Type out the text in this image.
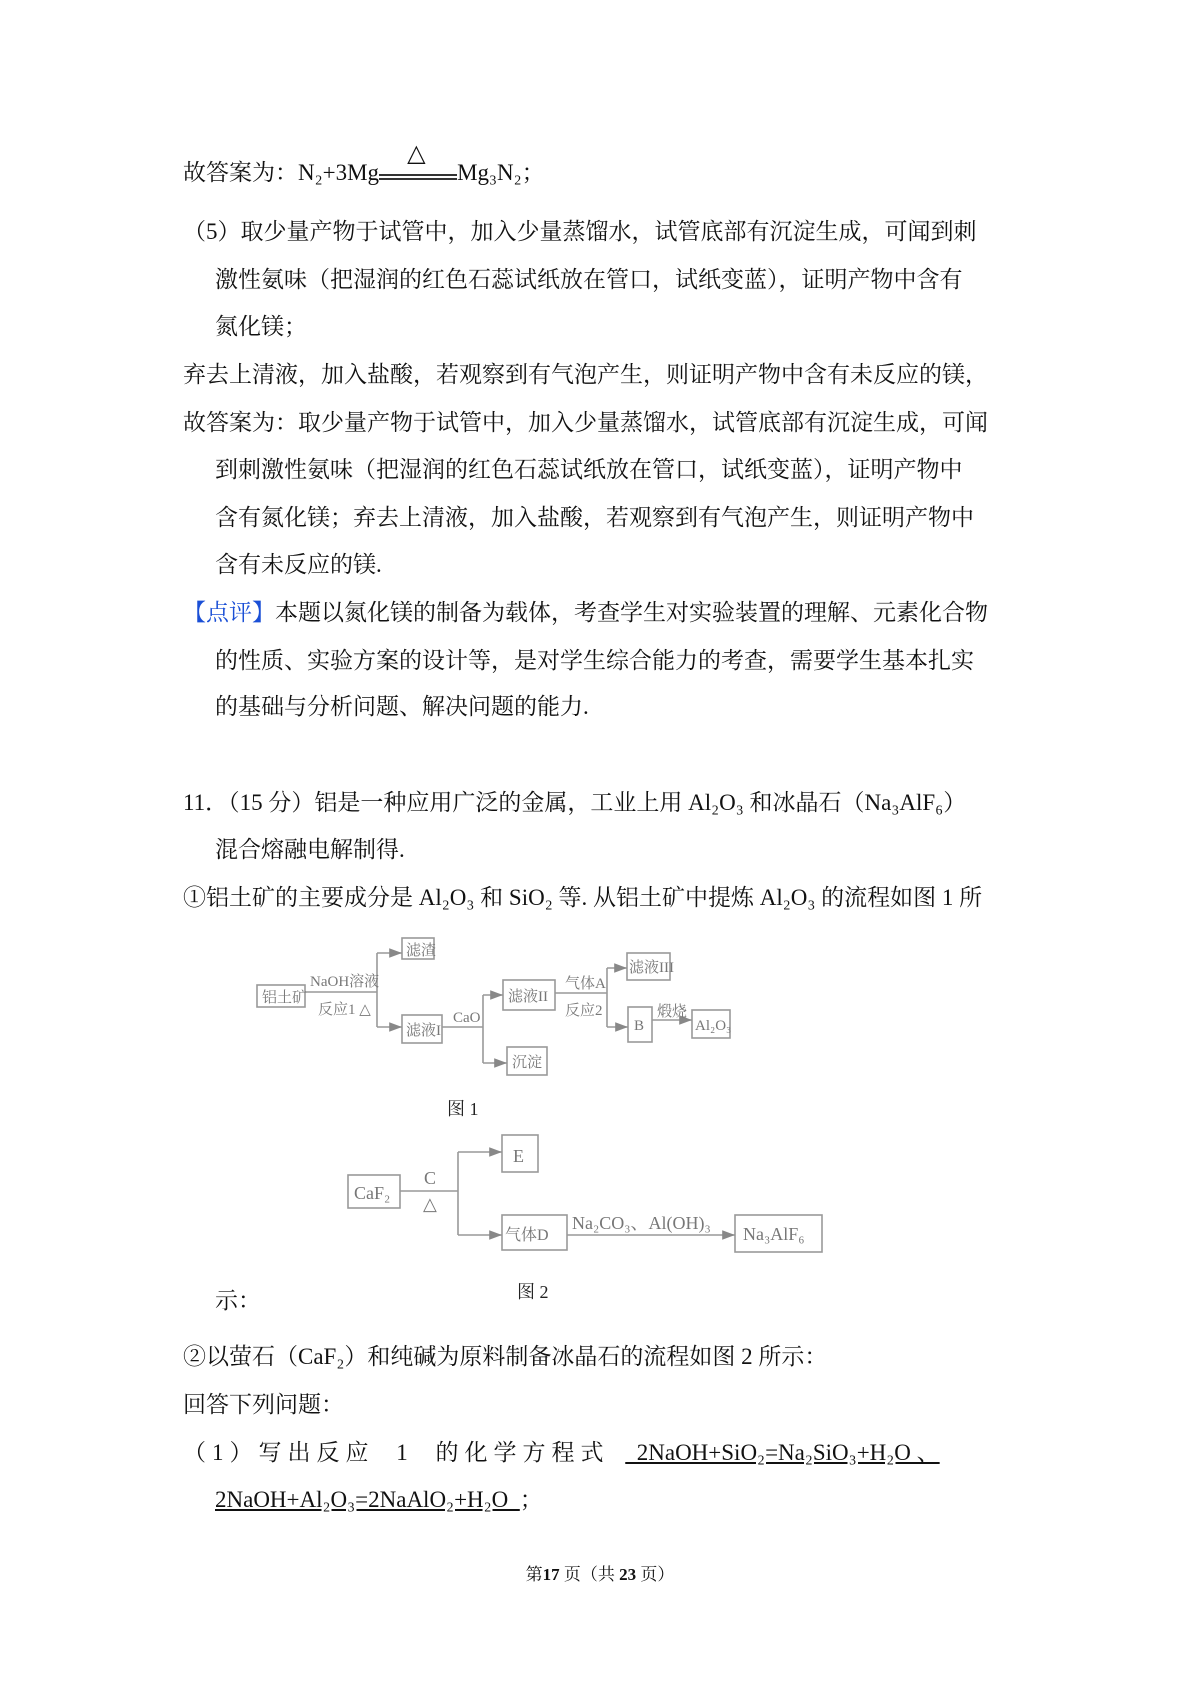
故答案为：N₂+3Mg
△
Mg₃N₂；
（5）取少量产物于试管中，加入少量蒸馏水，试管底部有沉淀生成，可闻到刺
激性氨味（把湿润的红色石蕊试纸放在管口，试纸变蓝），证明产物中含有
氮化镁；
弃去上清液，加入盐酸，若观察到有气泡产生，则证明产物中含有未反应的镁，
故答案为：取少量产物于试管中，加入少量蒸馏水，试管底部有沉淀生成，可闻
到刺激性氨味（把湿润的红色石蕊试纸放在管口，试纸变蓝），证明产物中
含有氮化镁；弃去上清液，加入盐酸，若观察到有气泡产生，则证明产物中
含有未反应的镁.
【点评】本题以氮化镁的制备为载体，考查学生对实验装置的理解、元素化合物
的性质、实验方案的设计等，是对学生综合能力的考查，需要学生基本扎实
的基础与分析问题、解决问题的能力.
11．（15 分）铝是一种应用广泛的金属，工业上用 Al₂O₃ 和冰晶石（Na₃AlF₆）
混合熔融电解制得.
①铝土矿的主要成分是 Al₂O₃ 和 SiO₂ 等. 从铝土矿中提炼 Al₂O₃ 的流程如图 1 所
铝土矿
滤渣
滤液I
滤液II
沉淀
滤液III
B	Al₂O₃
NaOH溶液
反应1 △	CaO
气体A
反应2	煅烧
图 1
CaF₂
C
△
E
气体D
Na₂CO₃、Al(OH)₃
Na₃AlF₆
图 2
示：
②以萤石（CaF₂）和纯碱为原料制备冰晶石的流程如图 2 所示：
回答下列问题：
（1）写出反应 1 的化学方程式   2NaOH+SiO₂=Na₂SiO₃+H₂O 、
2NaOH+Al₂O₃=2NaAlO₂+H₂O  ；
第17 页（共 23 页）
